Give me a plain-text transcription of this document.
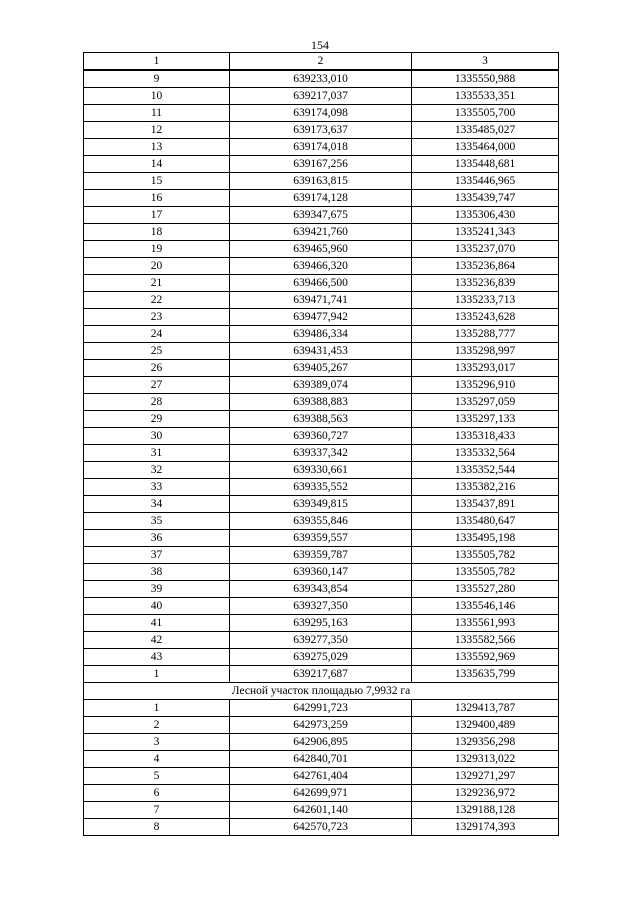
154
1	2	3
9	639233,010	1335550,988
10	639217,037	1335533,351
11	639174,098	1335505,700
12	639173,637	1335485,027
13	639174,018	1335464,000
14	639167,256	1335448,681
15	639163,815	1335446,965
16	639174,128	1335439,747
17	639347,675	1335306,430
18	639421,760	1335241,343
19	639465,960	1335237,070
20	639466,320	1335236,864
21	639466,500	1335236,839
22	639471,741	1335233,713
23	639477,942	1335243,628
24	639486,334	1335288,777
25	639431,453	1335298,997
26	639405,267	1335293,017
27	639389,074	1335296,910
28	639388,883	1335297,059
29	639388,563	1335297,133
30	639360,727	1335318,433
31	639337,342	1335332,564
32	639330,661	1335352,544
33	639335,552	1335382,216
34	639349,815	1335437,891
35	639355,846	1335480,647
36	639359,557	1335495,198
37	639359,787	1335505,782
38	639360,147	1335505,782
39	639343,854	1335527,280
40	639327,350	1335546,146
41	639295,163	1335561,993
42	639277,350	1335582,566
43	639275,029	1335592,969
1	639217,687	1335635,799
Лесной участок площадью 7,9932 га		
1	642991,723	1329413,787
2	642973,259	1329400,489
3	642906,895	1329356,298
4	642840,701	1329313,022
5	642761,404	1329271,297
6	642699,971	1329236,972
7	642601,140	1329188,128
8	642570,723	1329174,393
